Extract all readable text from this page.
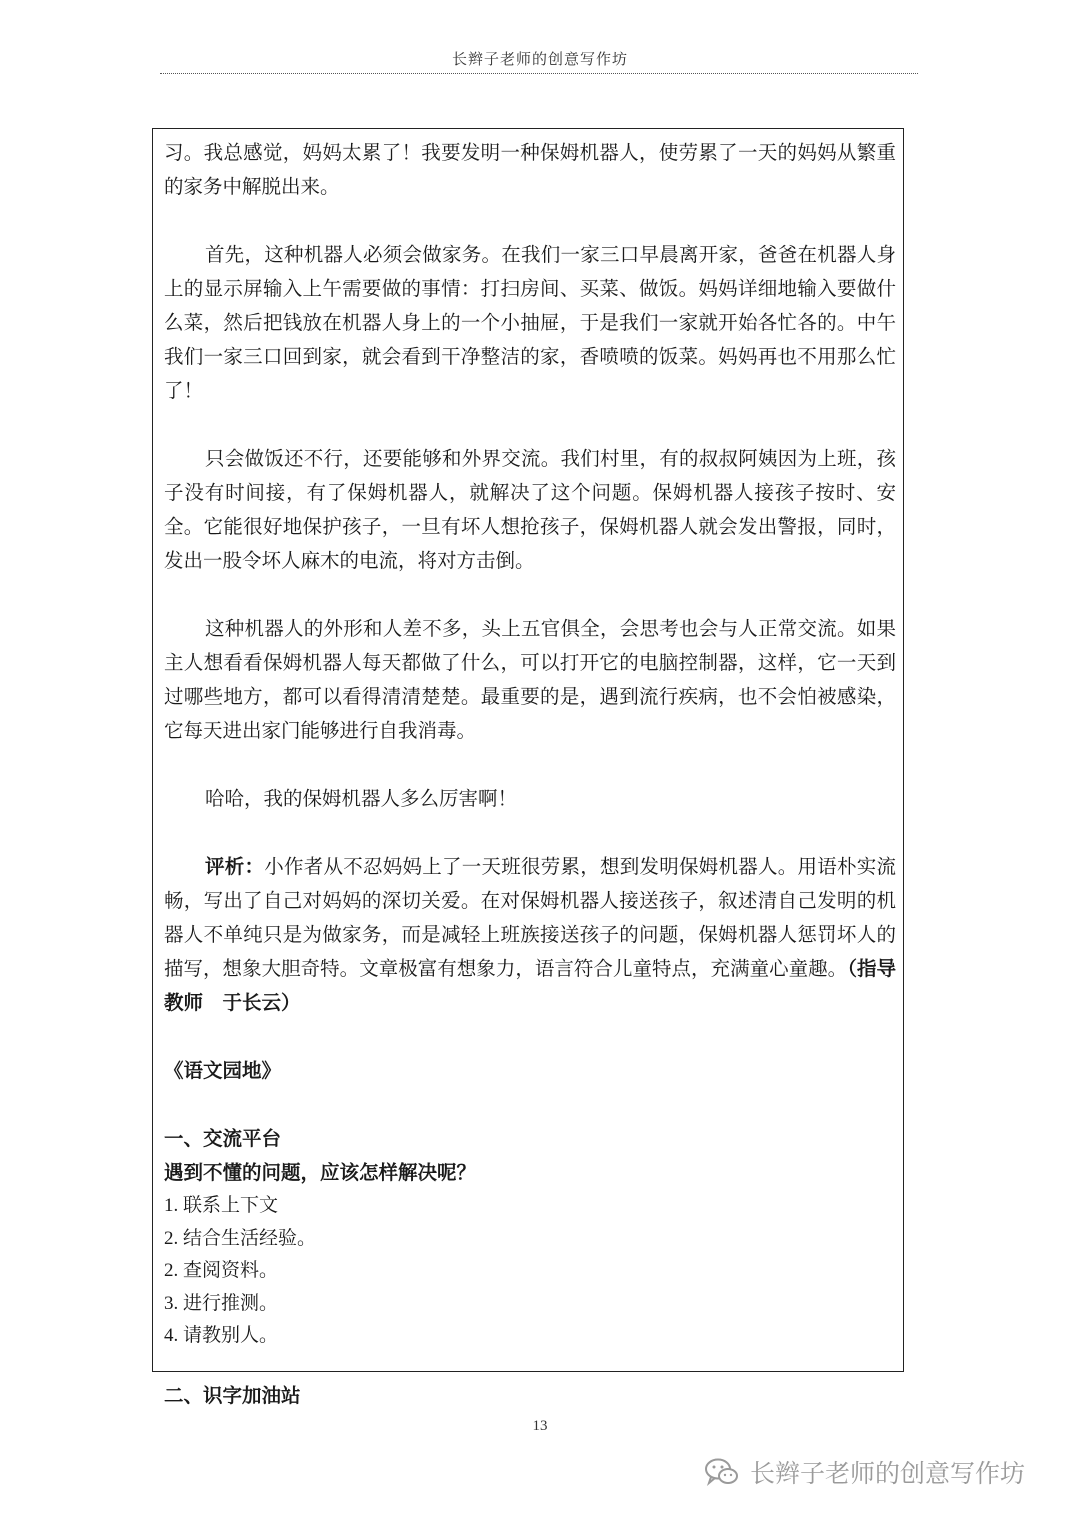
长辫子老师的创意写作坊

习。我总感觉，妈妈太累了！我要发明一种保姆机器人，使劳累了一天的妈妈从繁重的家务中解脱出来。

首先，这种机器人必须会做家务。在我们一家三口早晨离开家，爸爸在机器人身上的显示屏输入上午需要做的事情：打扫房间、买菜、做饭。妈妈详细地输入要做什么菜，然后把钱放在机器人身上的一个小抽屉，于是我们一家就开始各忙各的。中午我们一家三口回到家，就会看到干净整洁的家，香喷喷的饭菜。妈妈再也不用那么忙了！

只会做饭还不行，还要能够和外界交流。我们村里，有的叔叔阿姨因为上班，孩子没有时间接，有了保姆机器人，就解决了这个问题。保姆机器人接孩子按时、安全。它能很好地保护孩子，一旦有坏人想抢孩子，保姆机器人就会发出警报，同时，发出一股令坏人麻木的电流，将对方击倒。

这种机器人的外形和人差不多，头上五官俱全，会思考也会与人正常交流。如果主人想看看保姆机器人每天都做了什么，可以打开它的电脑控制器，这样，它一天到过哪些地方，都可以看得清清楚楚。最重要的是，遇到流行疾病，也不会怕被感染，它每天进出家门能够进行自我消毒。

哈哈，我的保姆机器人多么厉害啊！

评析：小作者从不忍妈妈上了一天班很劳累，想到发明保姆机器人。用语朴实流畅，写出了自己对妈妈的深切关爱。在对保姆机器人接送孩子，叙述清自己发明的机器人不单纯只是为做家务，而是减轻上班族接送孩子的问题，保姆机器人惩罚坏人的描写，想象大胆奇特。文章极富有想象力，语言符合儿童特点，充满童心童趣。（指导教师　于长云）

《语文园地》

一、交流平台

遇到不懂的问题，应该怎样解决呢？

1. 联系上下文

2. 结合生活经验。

2. 查阅资料。

3. 进行推测。

4. 请教别人。

二、识字加油站

13
长辫子老师的创意写作坊
